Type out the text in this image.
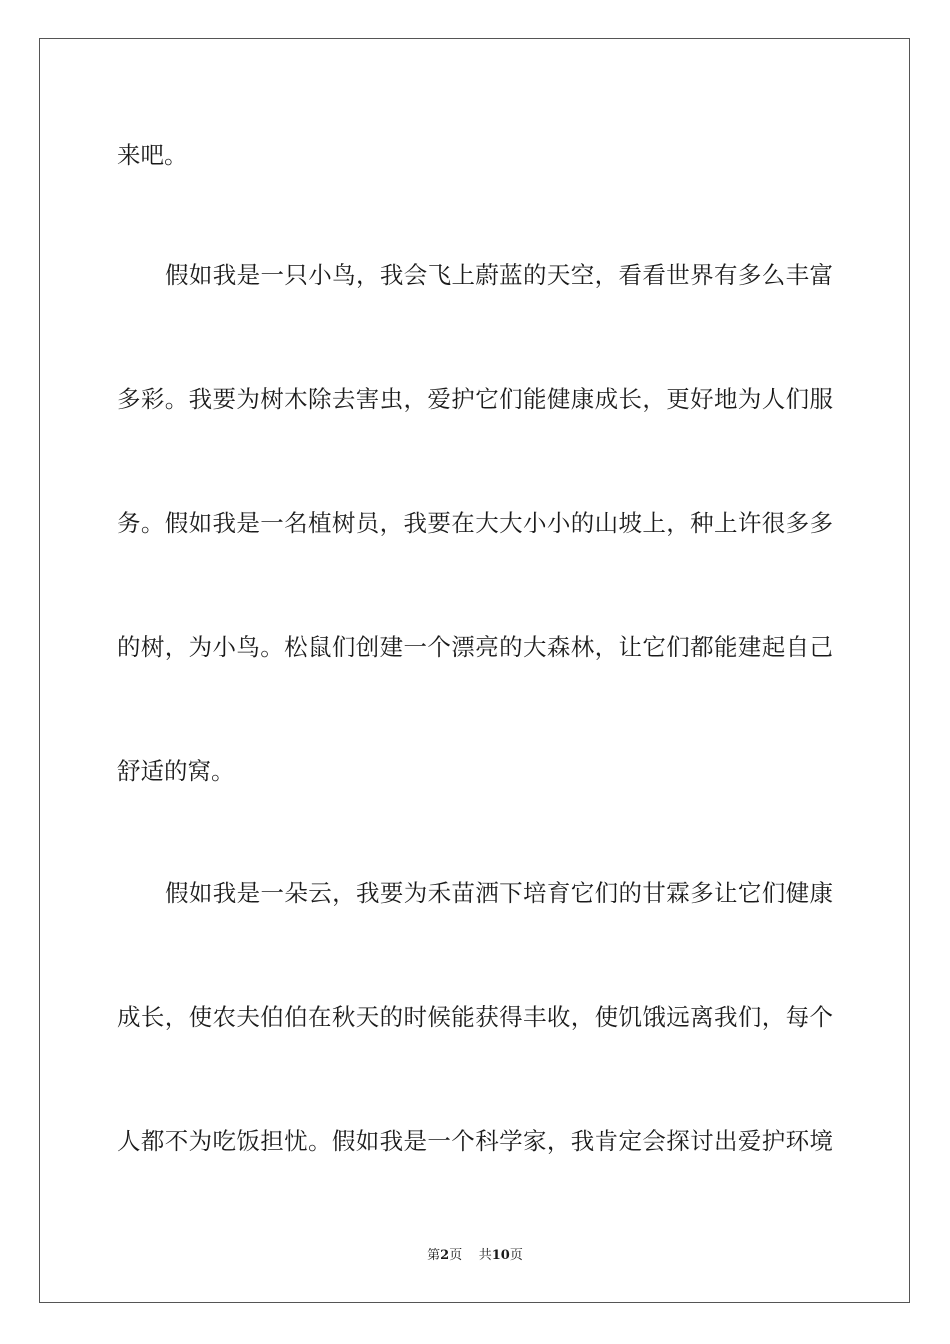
来吧。
假如我是一只小鸟，我会飞上蔚蓝的天空，看看世界有多么丰富
多彩。我要为树木除去害虫，爱护它们能健康成长，更好地为人们服
务。假如我是一名植树员，我要在大大小小的山坡上，种上许很多多
的树，为小鸟。松鼠们创建一个漂亮的大森林，让它们都能建起自己
舒适的窝。
假如我是一朵云，我要为禾苗洒下培育它们的甘霖多让它们健康
成长，使农夫伯伯在秋天的时候能获得丰收，使饥饿远离我们，每个
人都不为吃饭担忧。假如我是一个科学家，我肯定会探讨出爱护环境
第2页    共10页
